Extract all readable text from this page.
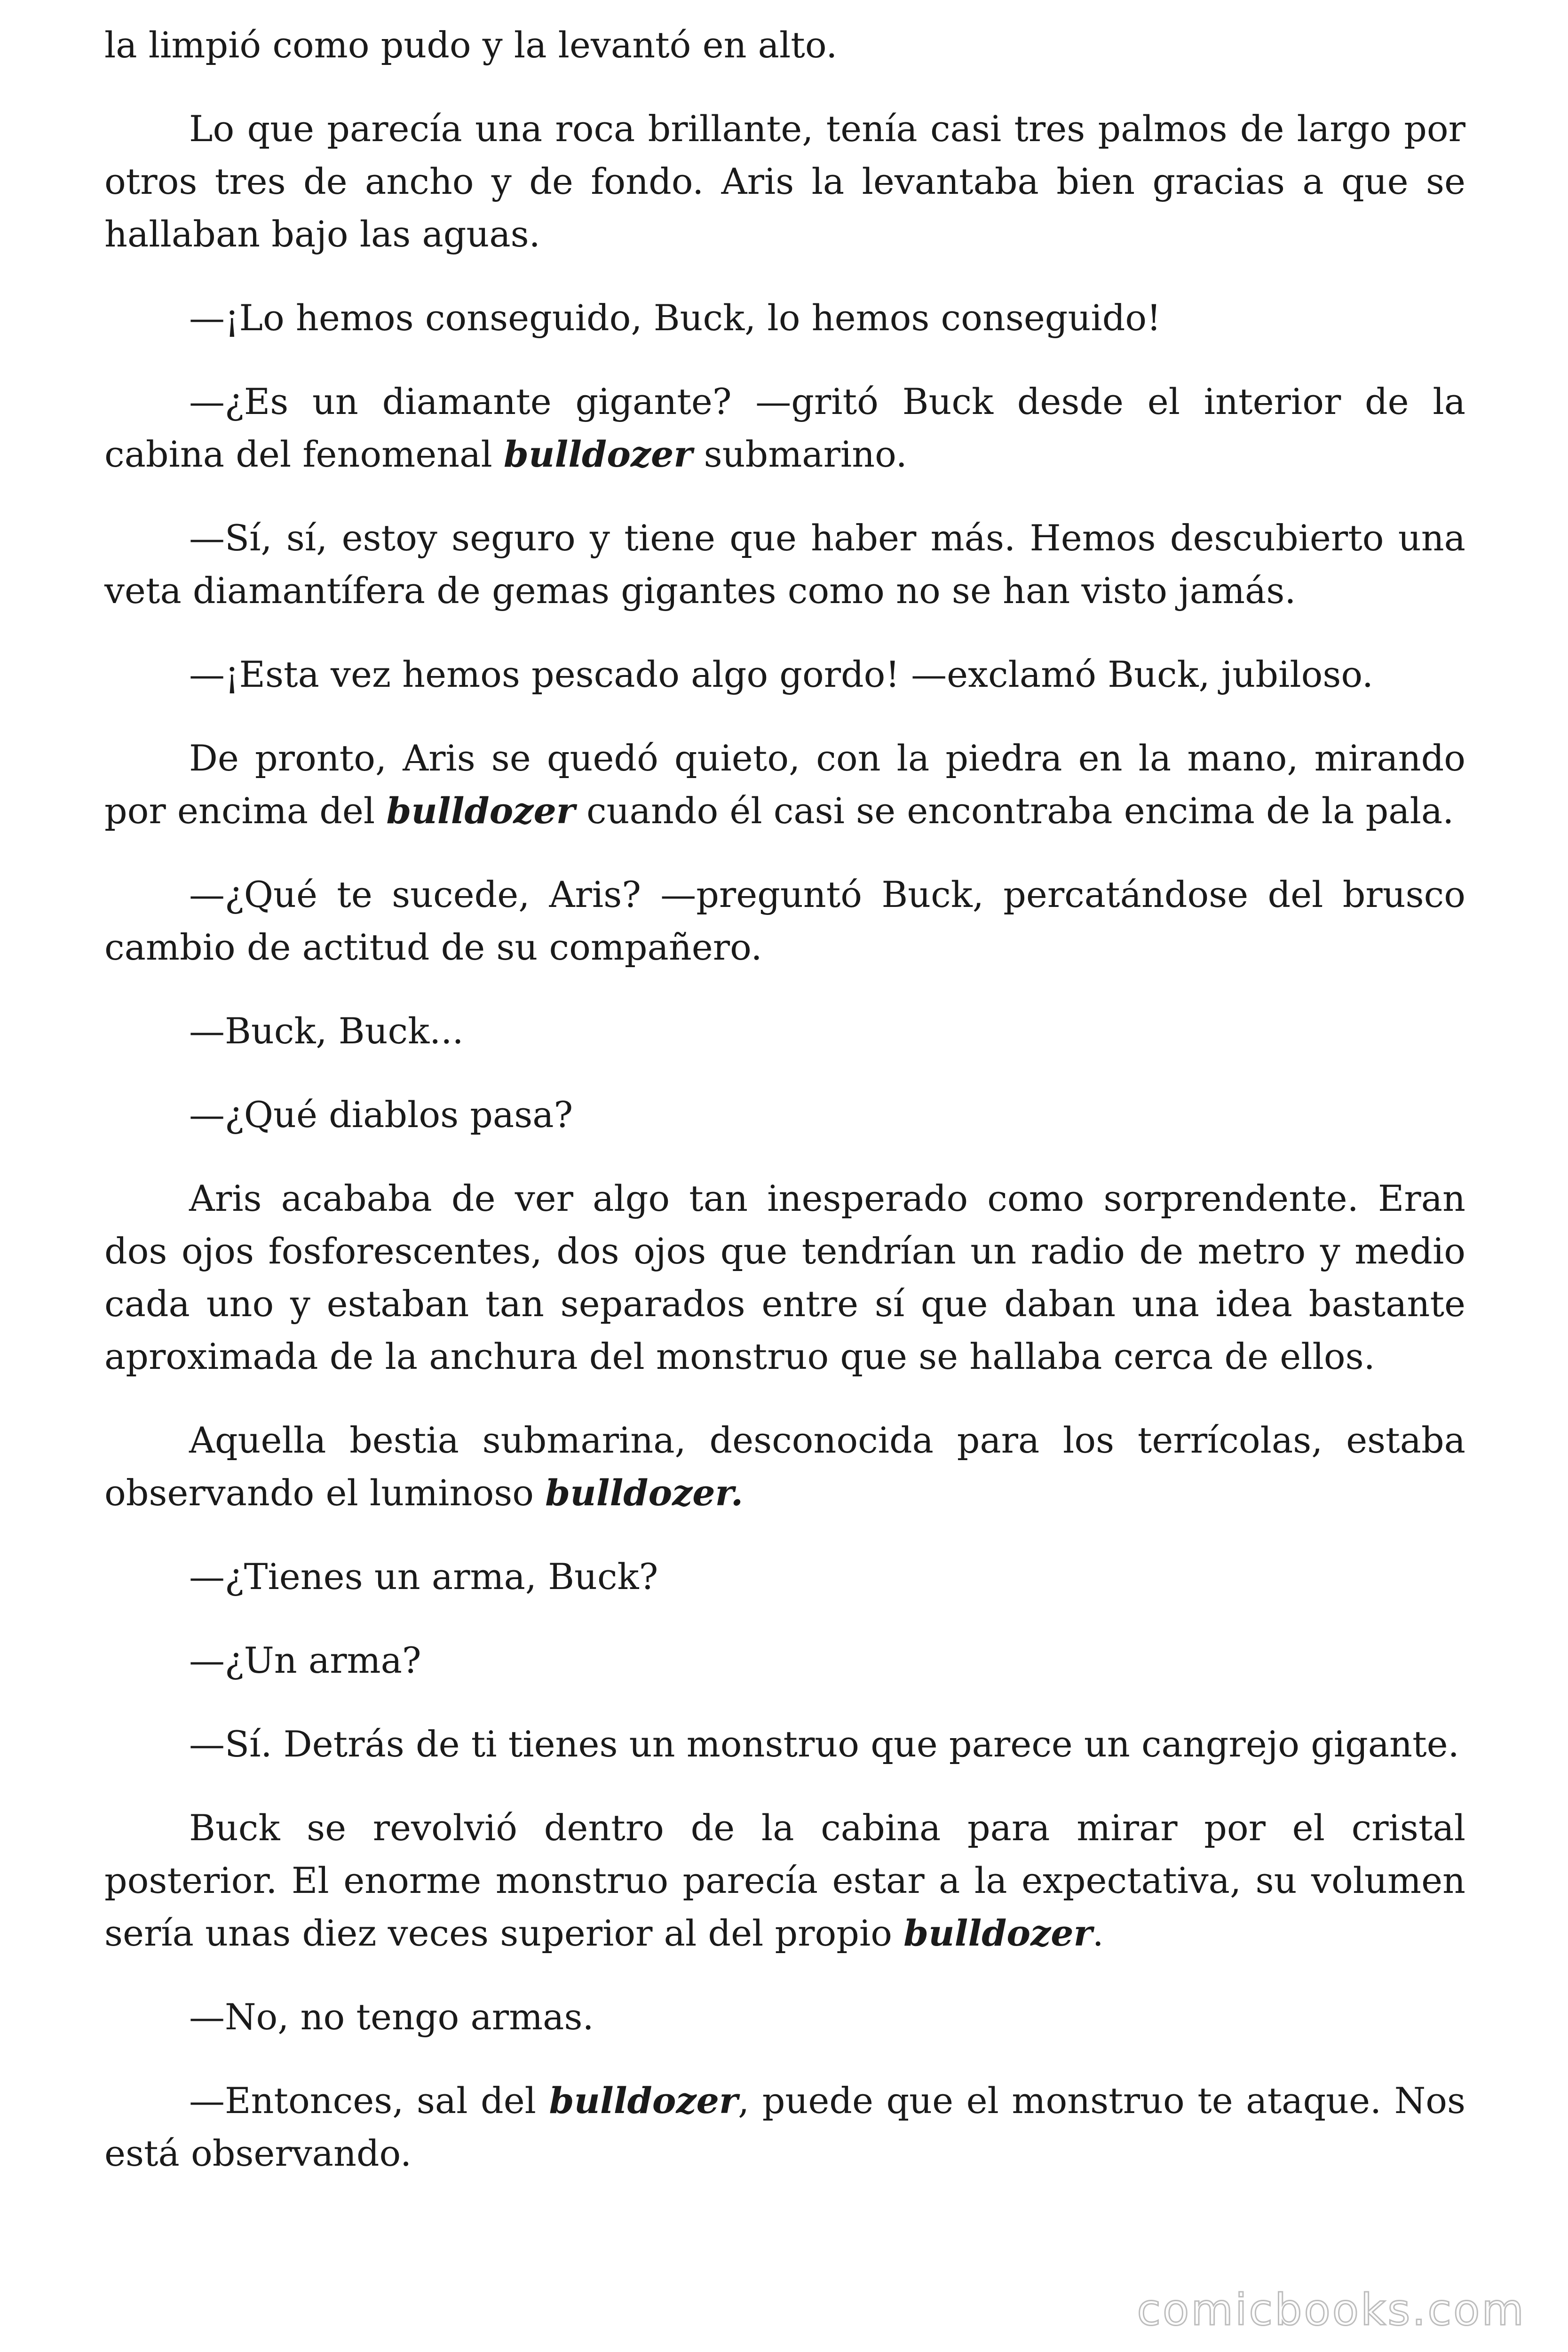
la limpió como pudo y la levantó en alto.

Lo que parecía una roca brillante, tenía casi tres palmos de largo por otros tres de ancho y de fondo. Aris la levantaba bien gracias a que se hallaban bajo las aguas.

—¡Lo hemos conseguido, Buck, lo hemos conseguido!

—¿Es un diamante gigante? —gritó Buck desde el interior de la cabina del fenomenal bulldozer submarino.

—Sí, sí, estoy seguro y tiene que haber más. Hemos descubierto una veta diamantífera de gemas gigantes como no se han visto jamás.

—¡Esta vez hemos pescado algo gordo! —exclamó Buck, jubiloso.

De pronto, Aris se quedó quieto, con la piedra en la mano, mirando por encima del bulldozer cuando él casi se encontraba encima de la pala.

—¿Qué te sucede, Aris? —preguntó Buck, percatándose del brusco cambio de actitud de su compañero.

—Buck, Buck...

—¿Qué diablos pasa?

Aris acababa de ver algo tan inesperado como sorprendente. Eran dos ojos fosforescentes, dos ojos que tendrían un radio de metro y medio cada uno y estaban tan separados entre sí que daban una idea bastante aproximada de la anchura del monstruo que se hallaba cerca de ellos.

Aquella bestia submarina, desconocida para los terrícolas, estaba observando el luminoso bulldozer.

—¿Tienes un arma, Buck?

—¿Un arma?

—Sí. Detrás de ti tienes un monstruo que parece un cangrejo gigante.

Buck se revolvió dentro de la cabina para mirar por el cristal posterior. El enorme monstruo parecía estar a la expectativa, su volumen sería unas diez veces superior al del propio bulldozer.

—No, no tengo armas.

—Entonces, sal del bulldozer, puede que el monstruo te ataque. Nos está observando.

comicbooks.com
